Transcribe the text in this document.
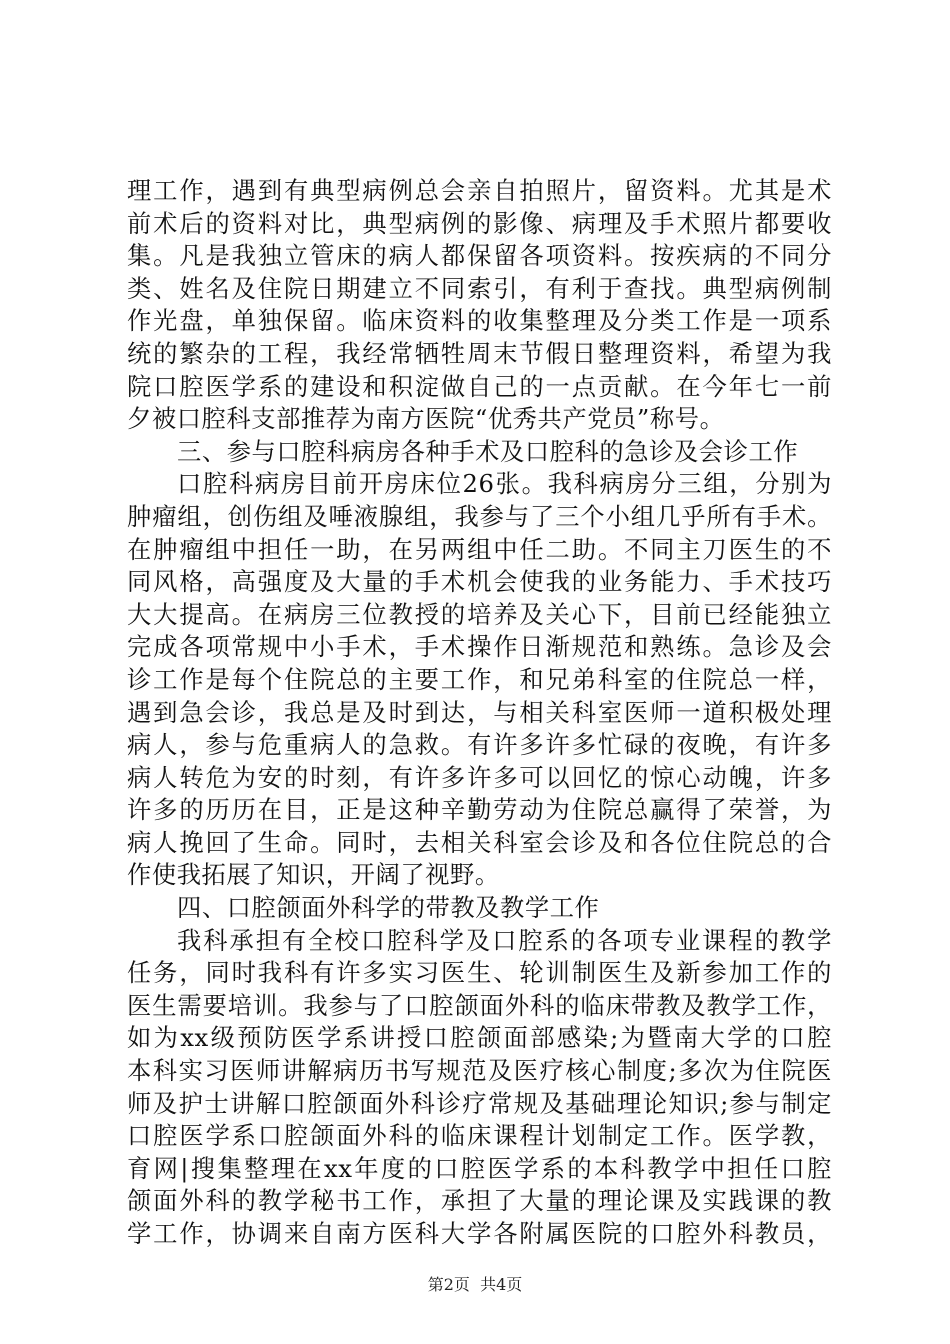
理工作，遇到有典型病例总会亲自拍照片，留资料。尤其是术
前术后的资料对比，典型病例的影像、病理及手术照片都要收
集。凡是我独立管床的病人都保留各项资料。按疾病的不同分
类、姓名及住院日期建立不同索引，有利于查找。典型病例制
作光盘，单独保留。临床资料的收集整理及分类工作是一项系
统的繁杂的工程，我经常牺牲周末节假日整理资料，希望为我
院口腔医学系的建设和积淀做自己的一点贡献。在今年七一前
夕被口腔科支部推荐为南方医院“优秀共产党员”称号。
三、参与口腔科病房各种手术及口腔科的急诊及会诊工作
口腔科病房目前开房床位26张。我科病房分三组，分别为
肿瘤组，创伤组及唾液腺组，我参与了三个小组几乎所有手术。
在肿瘤组中担任一助，在另两组中任二助。不同主刀医生的不
同风格，高强度及大量的手术机会使我的业务能力、手术技巧
大大提高。在病房三位教授的培养及关心下，目前已经能独立
完成各项常规中小手术，手术操作日渐规范和熟练。急诊及会
诊工作是每个住院总的主要工作，和兄弟科室的住院总一样，
遇到急会诊，我总是及时到达，与相关科室医师一道积极处理
病人，参与危重病人的急救。有许多许多忙碌的夜晚，有许多
病人转危为安的时刻，有许多许多可以回忆的惊心动魄，许多
许多的历历在目，正是这种辛勤劳动为住院总赢得了荣誉，为
病人挽回了生命。同时，去相关科室会诊及和各位住院总的合
作使我拓展了知识，开阔了视野。
四、口腔颌面外科学的带教及教学工作
我科承担有全校口腔科学及口腔系的各项专业课程的教学
任务，同时我科有许多实习医生、轮训制医生及新参加工作的
医生需要培训。我参与了口腔颌面外科的临床带教及教学工作，
如为xx级预防医学系讲授口腔颌面部感染;为暨南大学的口腔
本科实习医师讲解病历书写规范及医疗核心制度;多次为住院医
师及护士讲解口腔颌面外科诊疗常规及基础理论知识;参与制定
口腔医学系口腔颌面外科的临床课程计划制定工作。医学教，
育网|搜集整理在xx年度的口腔医学系的本科教学中担任口腔
颌面外科的教学秘书工作，承担了大量的理论课及实践课的教
学工作，协调来自南方医科大学各附属医院的口腔外科教员，
第2页  共4页
